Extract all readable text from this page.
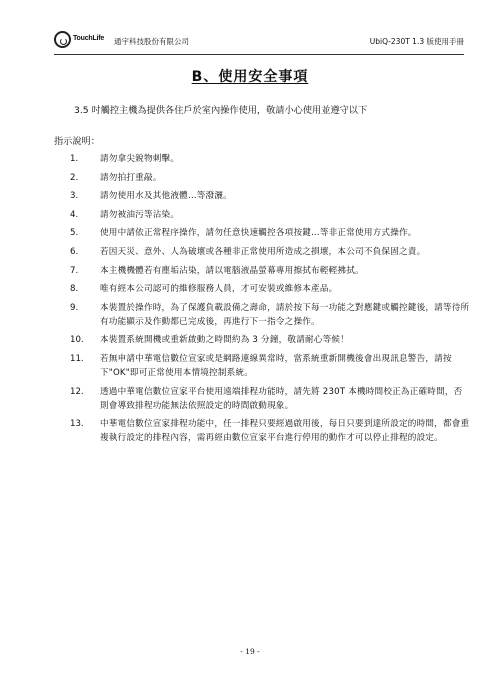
TouchLife 通宇科技股份有限公司	UbiQ-230T 1.3 版使用手冊
B、使用安全事項
3.5 吋觸控主機為提供各住戶於室內操作使用，敬請小心使用並遵守以下
指示說明：
1.	請勿拿尖銳物刺擊。
2.	請勿拍打重敲。
3.	請勿使用水及其他液體…等潑灑。
4.	請勿被油污等沾染。
5.	使用中請依正常程序操作，請勿任意快速觸控各項按鍵…等非正常使用方式操作。
6.	若因天災、意外、人為破壞或各種非正常使用所造成之損壞，本公司不負保固之責。
7.	本主機機體若有塵垢沾染，請以電腦液晶螢幕專用擦拭布輕輕拂拭。
8.	唯有經本公司認可的維修服務人員，才可安裝或維修本產品。
9.	本裝置於操作時，為了保護負載設備之壽命，請於按下每一功能之對應鍵或觸控鍵後，請等待所有功能顯示及作動都已完成後，再進行下一指令之操作。
10.	本裝置系統開機或重新啟動之時間約為 3 分鐘，敬請耐心等候！
11.	若無申請中華電信數位宣家或是網路連線異常時，當系統重新開機後會出現訊息警告，請按下"OK"即可正常使用本情境控制系統。
12.	透過中華電信數位宣家平台使用遠端排程功能時，請先將 230T 本機時間校正為正確時間，否則會導致排程功能無法依照設定的時間啟動現象。
13.	中華電信數位宣家排程功能中，任一排程只要經過啟用後，每日只要到達所設定的時間，都會重複執行設定的排程內容，需再經由數位宣家平台進行停用的動作才可以停止排程的設定。
- 19 -
